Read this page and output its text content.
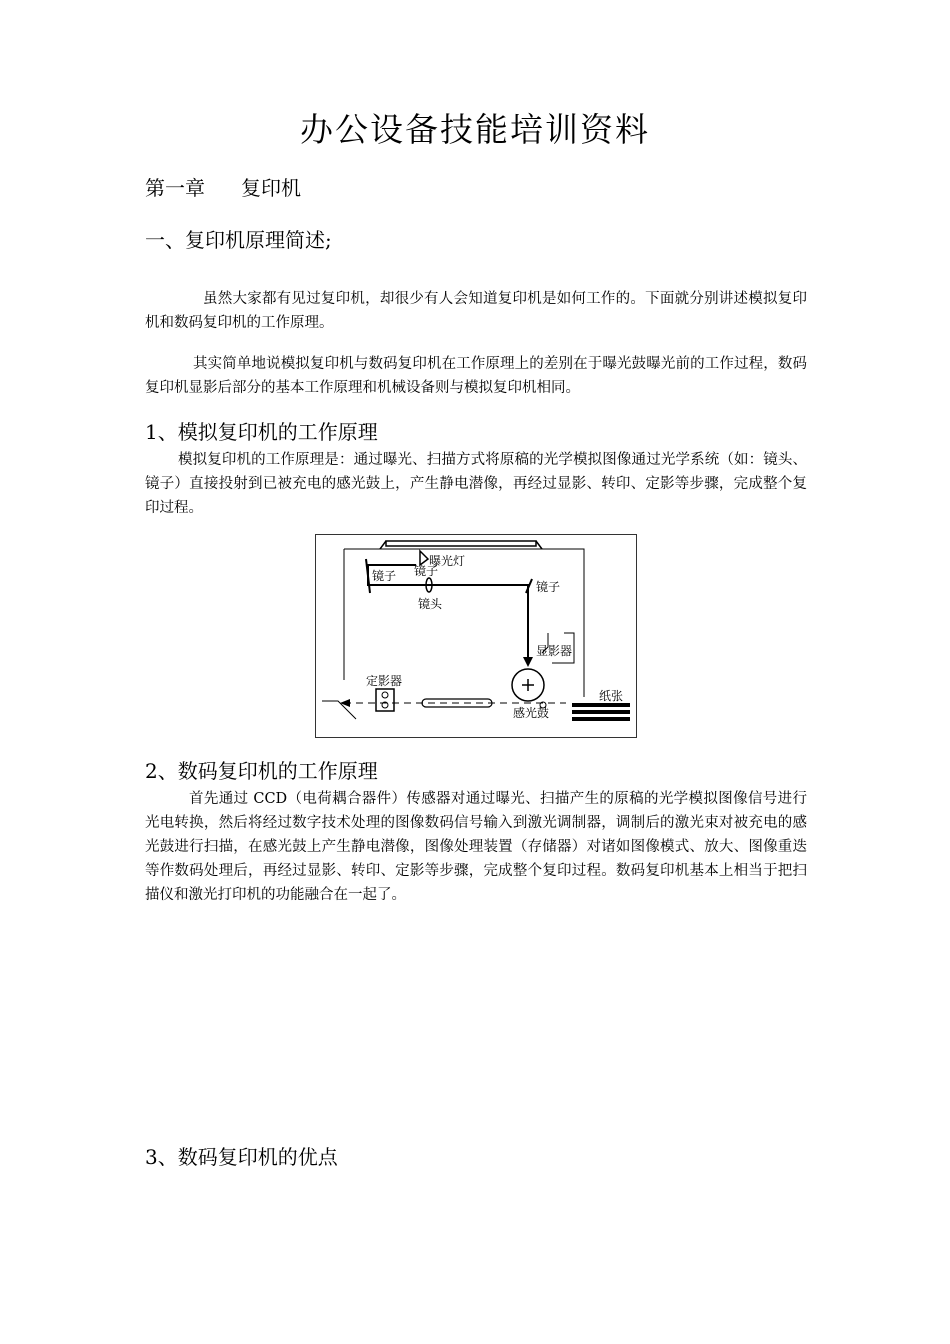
办公设备技能培训资料
第一章 复印机
一、复印机原理简述;

虽然大家都有见过复印机，却很少有人会知道复印机是如何工作的。下面就分别讲述模拟复印机和数码复印机的工作原理。

其实简单地说模拟复印机与数码复印机在工作原理上的差别在于曝光鼓曝光前的工作过程，数码复印机显影后部分的基本工作原理和机械设备则与模拟复印机相同。

1、模拟复印机的工作原理

模拟复印机的工作原理是：通过曝光、扫描方式将原稿的光学模拟图像通过光学系统（如：镜头、镜子）直接投射到已被充电的感光鼓上，产生静电潜像，再经过显影、转印、定影等步骤，完成整个复印过程。

曝光灯
镜子 镜子
镜头
镜子
显影器
感光鼓
定影器
纸张
2、数码复印机的工作原理

首先通过 CCD（电荷耦合器件）传感器对通过曝光、扫描产生的原稿的光学模拟图像信号进行光电转换，然后将经过数字技术处理的图像数码信号输入到激光调制器，调制后的激光束对被充电的感光鼓进行扫描，在感光鼓上产生静电潜像，图像处理装置（存储器）对诸如图像模式、放大、图像重迭等作数码处理后，再经过显影、转印、定影等步骤，完成整个复印过程。数码复印机基本上相当于把扫描仪和激光打印机的功能融合在一起了。

3、数码复印机的优点
